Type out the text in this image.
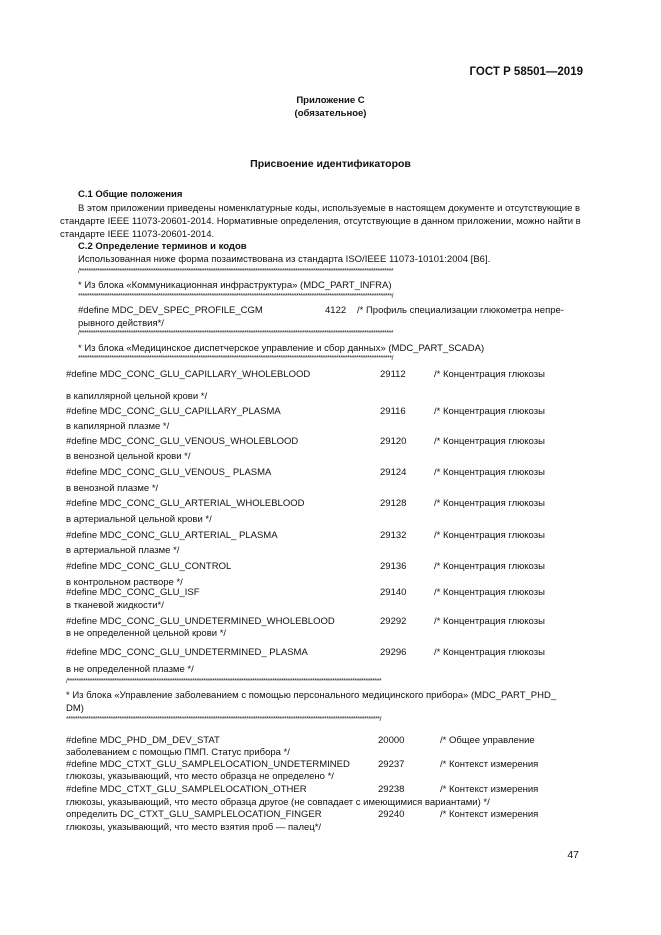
ГОСТ Р 58501—2019
Приложение С
(обязательное)
Присвоение идентификаторов
С.1 Общие положения
В этом приложении приведены номенклатурные коды, используемые в настоящем документе и отсутствующие в стандарте IEEE 11073-20601-2014. Нормативные определения, отсутствующие в данном приложении, можно найти в стандарте IEEE 11073-20601-2014.
С.2 Определение терминов и кодов
Использованная ниже форма позаимствована из стандарта ISO/IEEE 11073-10101:2004 [В6].
/*********************************************************************************************************************************************
* Из блока «Коммуникационная инфраструктура» (MDC_PART_INFRA)
*********************************************************************************************************************************************/
#define MDC_DEV_SPEC_PROFILE_CGM	4122 /* Профиль специализации глюкометра непре-
рывного действия*/
/*********************************************************************************************************************************************
* Из блока «Медицинское диспетчерское управление и сбор данных» (MDC_PART_SCADA)
*********************************************************************************************************************************************/
#define MDC_CONC_GLU_CAPILLARY_WHOLEBLOOD	29112	/* Концентрация глюкозы
в капиллярной цельной крови */
#define MDC_CONC_GLU_CAPILLARY_PLASMA	29116	/* Концентрация глюкозы
в капилярной плазме */
#define MDC_CONC_GLU_VENOUS_WHOLEBLOOD	29120	/* Концентрация глюкозы
в венозной цельной крови */
#define MDC_CONC_GLU_VENOUS_ PLASMA	29124	/* Концентрация глюкозы
в венозной плазме */
#define MDC_CONC_GLU_ARTERIAL_WHOLEBLOOD	29128	/* Концентрация глюкозы
в артериальной цельной крови */
#define MDC_CONC_GLU_ARTERIAL_ PLASMA	29132	/* Концентрация глюкозы
в артериальной плазме */
#define MDC_CONC_GLU_CONTROL	29136	/* Концентрация глюкозы
в контрольном растворе */
#define MDC_CONC_GLU_ISF	29140	/* Концентрация глюкозы
в тканевой жидкости*/
#define MDC_CONC_GLU_UNDETERMINED_WHOLEBLOOD	29292	/* Концентрация глюкозы
в не определенной цельной крови */
#define MDC_CONC_GLU_UNDETERMINED_ PLASMA	29296	/* Концентрация глюкозы
в не определенной плазме */
/*********************************************************************************************************************************************
* Из блока «Управление заболеванием с помощью персонального медицинского прибора» (MDC_PART_PHD_
DM)
*********************************************************************************************************************************************/
#define MDC_PHD_DM_DEV_STAT	20000	/* Общее управление
заболеванием с помощью ПМП. Статус прибора */
#define MDC_CTXT_GLU_SAMPLELOCATION_UNDETERMINED	29237	/* Контекст измерения
глюкозы, указывающий, что место образца не определено */
#define MDC_CTXT_GLU_SAMPLELOCATION_OTHER	29238	/* Контекст измерения
глюкозы, указывающий, что место образца другое (не совпадает с имеющимися вариантами) */
определить DC_CTXT_GLU_SAMPLELOCATION_FINGER	29240	/* Контекст измерения
глюкозы, указывающий, что место взятия проб — палец*/
47
